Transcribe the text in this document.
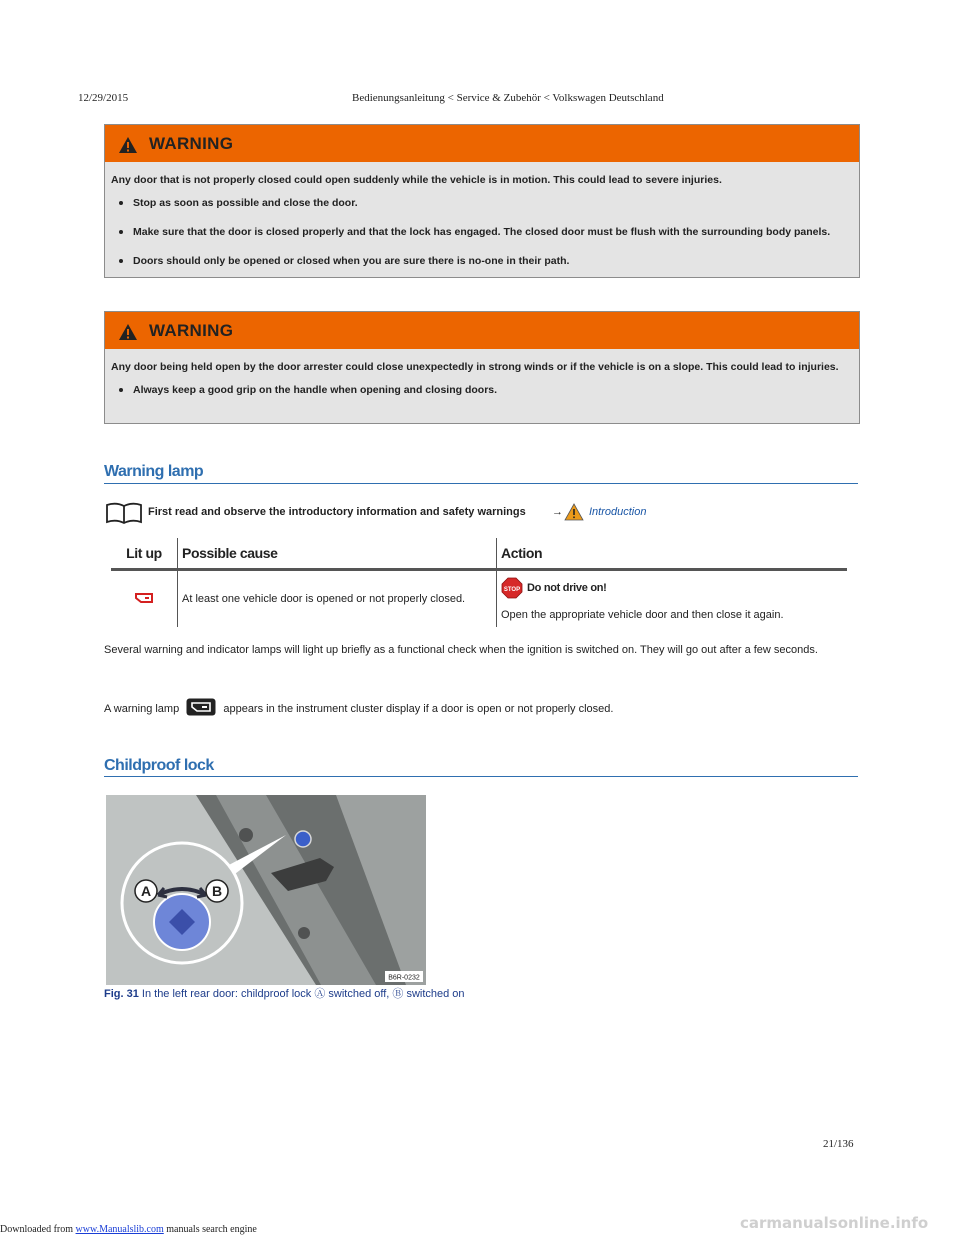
12/29/2015	Bedienungsanleitung < Service & Zubehör < Volkswagen Deutschland
WARNING

Any door that is not properly closed could open suddenly while the vehicle is in motion. This could lead to severe injuries.

Stop as soon as possible and close the door.
Make sure that the door is closed properly and that the lock has engaged. The closed door must be flush with the surrounding body panels.
Doors should only be opened or closed when you are sure there is no-one in their path.
WARNING

Any door being held open by the door arrester could close unexpectedly in strong winds or if the vehicle is on a slope. This could lead to injuries.

Always keep a good grip on the handle when opening and closing doors.
Warning lamp
First read and observe the introductory information and safety warnings → Introduction
Lit up	Possible cause	Action
	At least one vehicle door is opened or not properly closed.	STOP Do not drive on!
Open the appropriate vehicle door and then close it again.
Several warning and indicator lamps will light up briefly as a functional check when the ignition is switched on. They will go out after a few seconds.
A warning lamp	appears in the instrument cluster display if a door is open or not properly closed.
Childproof lock
A	B
B6R-0232
Fig. 31 In the left rear door: childproof lock Ⓐ switched off, Ⓑ switched on
21/136
Downloaded from www.Manualslib.com manuals search engine	carmanualsonline.info
